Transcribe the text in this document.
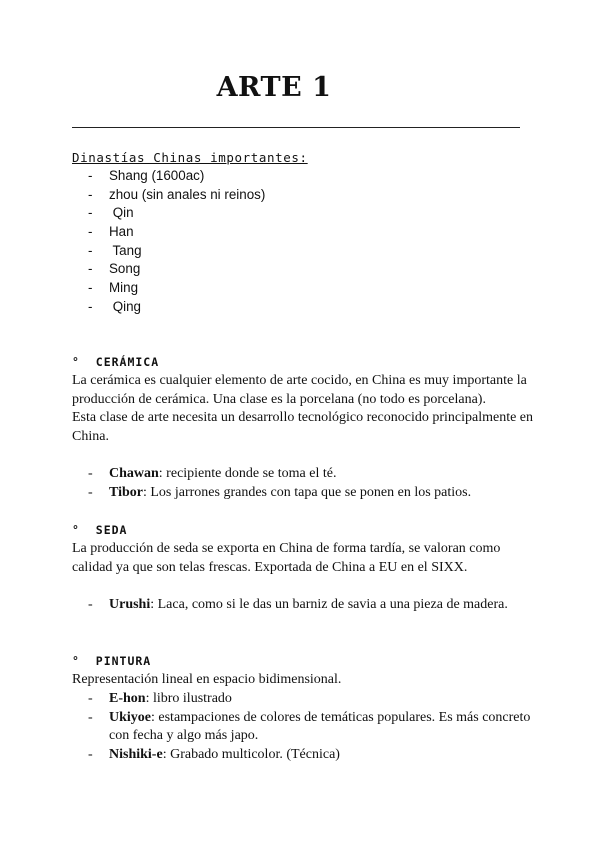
ARTE 1
Dinastías Chinas importantes:
- Shang (1600ac)
- zhou (sin anales ni reinos)
- Qin
- Han
- Tang
- Song
- Ming
- Qing
°  CERÁMICA

La cerámica es cualquier elemento de arte cocido, en China es muy importante la producción de cerámica. Una clase es la porcelana (no todo es porcelana).

Esta clase de arte necesita un desarrollo tecnológico reconocido principalmente en China.

-	Chawan: recipiente donde se toma el té.
-	Tibor: Los jarrones grandes con tapa que se ponen en los patios.
°  SEDA

La producción de seda se exporta en China de forma tardía, se valoran como calidad ya que son telas frescas. Exportada de China a EU en el SIXX.

-	Urushi: Laca, como si le das un barniz de savia a una pieza de madera.
°  PINTURA

Representación lineal en espacio bidimensional.

-	E-hon: libro ilustrado
-	Ukiyoe: estampaciones de colores de temáticas populares. Es más concreto con fecha y algo más japo.
-	Nishiki-e: Grabado multicolor. (Técnica)
